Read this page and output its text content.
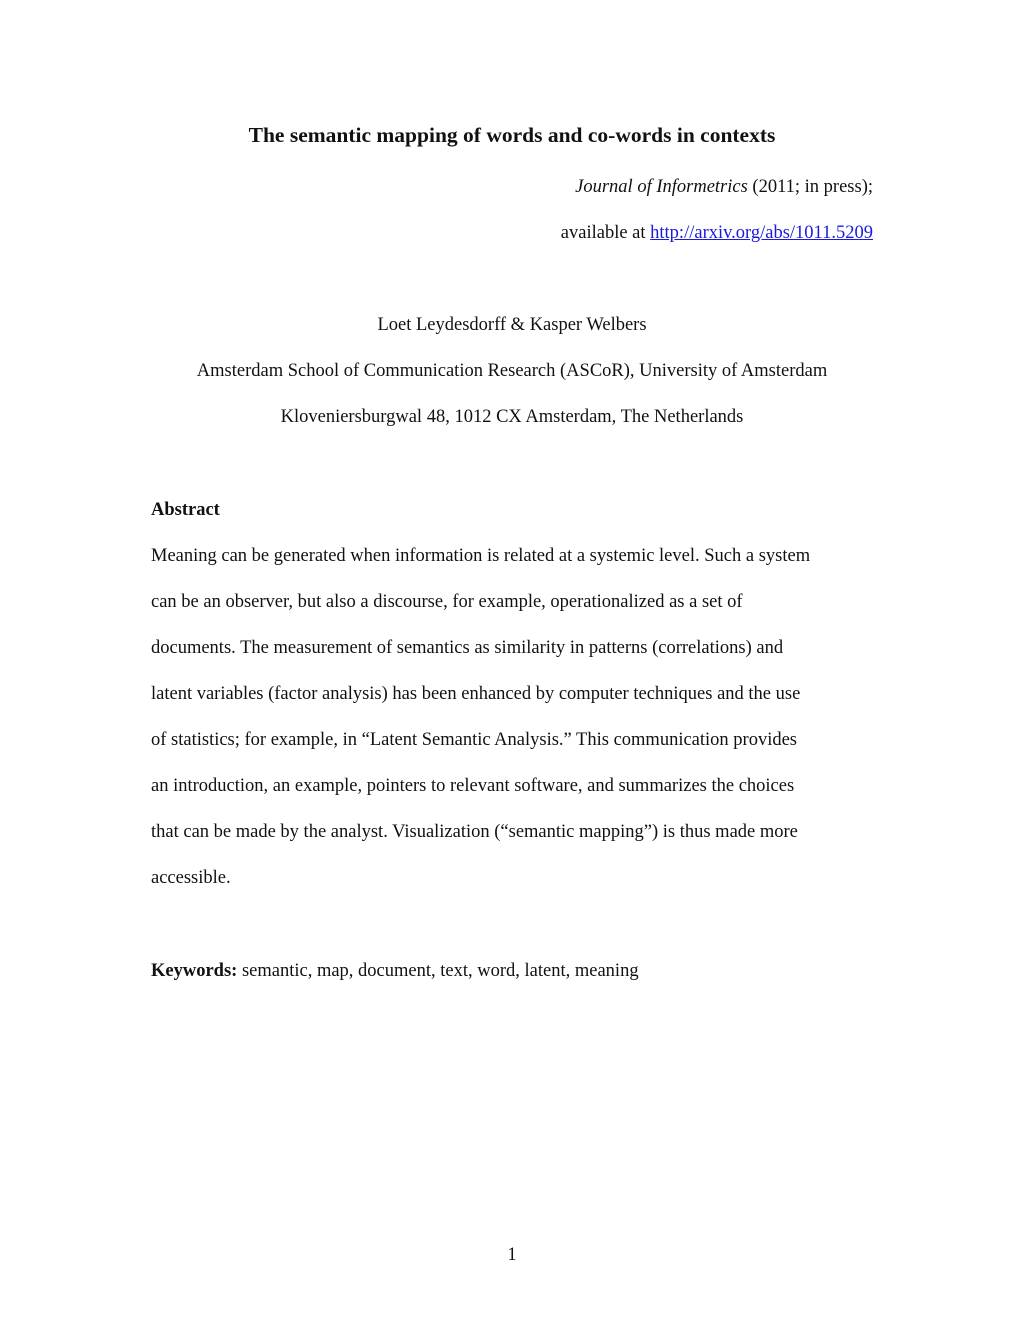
The semantic mapping of words and co-words in contexts
Journal of Informetrics (2011; in press);
available at http://arxiv.org/abs/1011.5209
Loet Leydesdorff & Kasper Welbers
Amsterdam School of Communication Research (ASCoR), University of Amsterdam
Kloveniersburgwal 48, 1012 CX Amsterdam, The Netherlands
Abstract
Meaning can be generated when information is related at a systemic level. Such a system
can be an observer, but also a discourse, for example, operationalized as a set of
documents. The measurement of semantics as similarity in patterns (correlations) and
latent variables (factor analysis) has been enhanced by computer techniques and the use
of statistics; for example, in “Latent Semantic Analysis.” This communication provides
an introduction, an example, pointers to relevant software, and summarizes the choices
that can be made by the analyst. Visualization (“semantic mapping”) is thus made more
accessible.
Keywords: semantic, map, document, text, word, latent, meaning
1
